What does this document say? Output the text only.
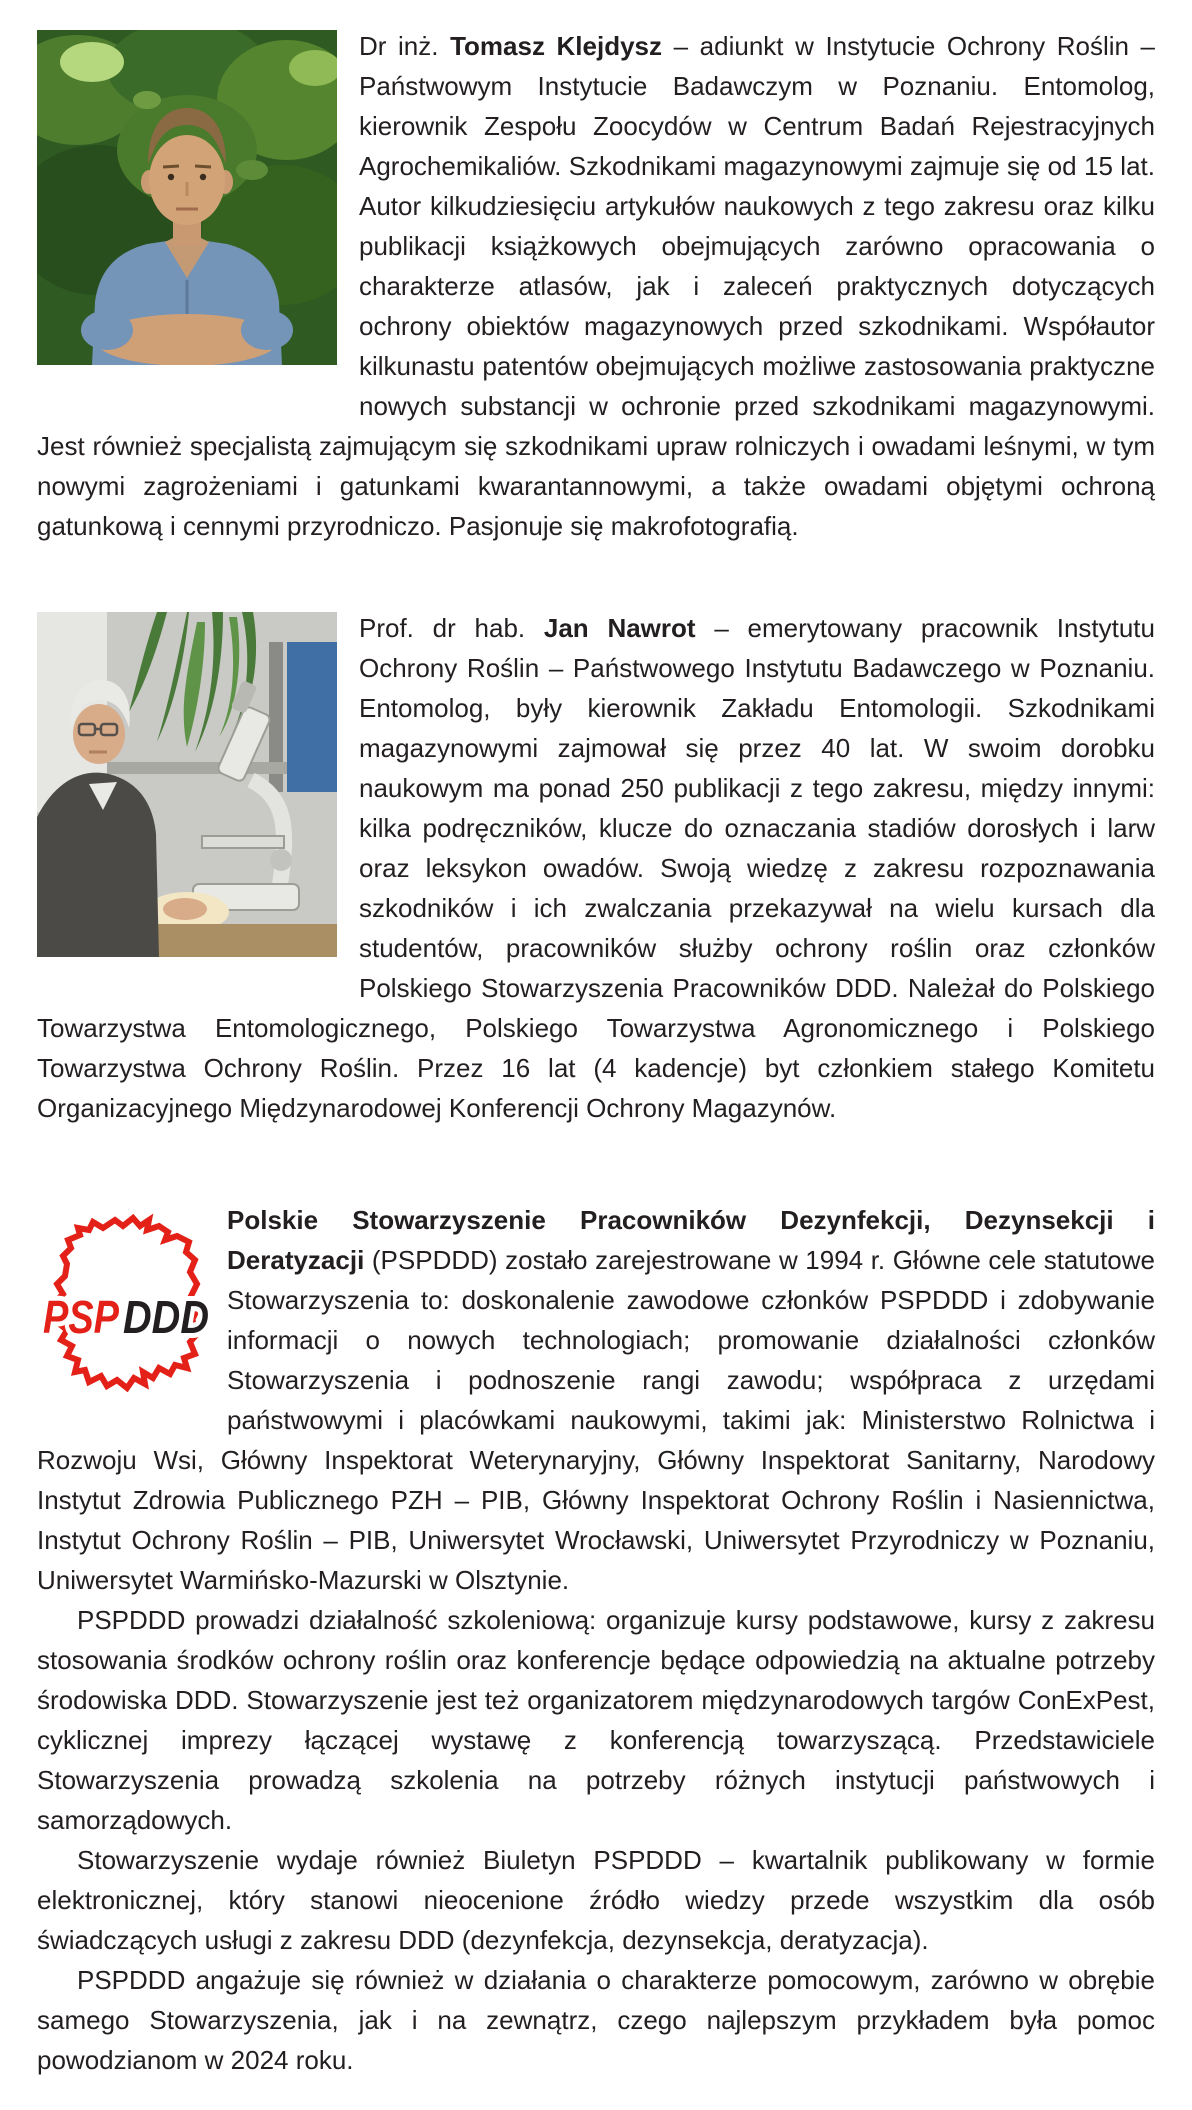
Dr inż. Tomasz Klejdysz – adiunkt w Instytucie Ochrony Roślin – Państwowym Instytucie Badawczym w Poznaniu. Entomolog, kierownik Zespołu Zoocydów w Centrum Badań Rejestracyjnych Agrochemikaliów. Szkodnikami magazynowymi zajmuje się od 15 lat. Autor kilkudziesięciu artykułów naukowych z tego zakresu oraz kilku publikacji książkowych obejmujących zarówno opracowania o charakterze atlasów, jak i zaleceń praktycznych dotyczących ochrony obiektów magazynowych przed szkodnikami. Współautor kilkunastu patentów obejmujących możliwe zastosowania praktyczne nowych substancji w ochronie przed szkodnikami magazynowymi. Jest również specjalistą zajmującym się szkodnikami upraw rolniczych i owadami leśnymi, w tym nowymi zagrożeniami i gatunkami kwarantannowymi, a także owadami objętymi ochroną gatunkową i cennymi przyrodniczo. Pasjonuje się makrofotografią.

Prof. dr hab. Jan Nawrot – emerytowany pracownik Instytutu Ochrony Roślin – Państwowego Instytutu Badawczego w Poznaniu. Entomolog, były kierownik Zakładu Entomologii. Szkodnikami magazynowymi zajmował się przez 40 lat. W swoim dorobku naukowym ma ponad 250 publikacji z tego zakresu, między innymi: kilka podręczników, klucze do oznaczania stadiów dorosłych i larw oraz leksykon owadów. Swoją wiedzę z zakresu rozpoznawania szkodników i ich zwalczania przekazywał na wielu kursach dla studentów, pracowników służby ochrony roślin oraz członków Polskiego Stowarzyszenia Pracowników DDD. Należał do Polskiego Towarzystwa Entomologicznego, Polskiego Towarzystwa Agronomicznego i Polskiego Towarzystwa Ochrony Roślin. Przez 16 lat (4 kadencje) byt członkiem stałego Komitetu Organizacyjnego Międzynarodowej Konferencji Ochrony Magazynów.

PSP DDD

Polskie Stowarzyszenie Pracowników Dezynfekcji, Dezynsekcji i Deratyzacji (PSPDDD) zostało zarejestrowane w 1994 r. Główne cele statutowe Stowarzyszenia to: doskonalenie zawodowe członków PSPDDD i zdobywanie informacji o nowych technologiach; promowanie działalności członków Stowarzyszenia i podnoszenie rangi zawodu; współpraca z urzędami państwowymi i placówkami naukowymi, takimi jak: Ministerstwo Rolnictwa i Rozwoju Wsi, Główny Inspektorat Weterynaryjny, Główny Inspektorat Sanitarny, Narodowy Instytut Zdrowia Publicznego PZH – PIB, Główny Inspektorat Ochrony Roślin i Nasiennictwa, Instytut Ochrony Roślin – PIB, Uniwersytet Wrocławski, Uniwersytet Przyrodniczy w Poznaniu, Uniwersytet Warmińsko-Mazurski w Olsztynie.

PSPDDD prowadzi działalność szkoleniową: organizuje kursy podstawowe, kursy z zakresu stosowania środków ochrony roślin oraz konferencje będące odpowiedzią na aktualne potrzeby środowiska DDD. Stowarzyszenie jest też organizatorem międzynarodowych targów ConExPest, cyklicznej imprezy łączącej wystawę z konferencją towarzyszącą. Przedstawiciele Stowarzyszenia prowadzą szkolenia na potrzeby różnych instytucji państwowych i samorządowych.

Stowarzyszenie wydaje również Biuletyn PSPDDD – kwartalnik publikowany w formie elektronicznej, który stanowi nieocenione źródło wiedzy przede wszystkim dla osób świadczących usługi z zakresu DDD (dezynfekcja, dezynsekcja, deratyzacja).

PSPDDD angażuje się również w działania o charakterze pomocowym, zarówno w obrębie samego Stowarzyszenia, jak i na zewnątrz, czego najlepszym przykładem była pomoc powodzianom w 2024 roku.
